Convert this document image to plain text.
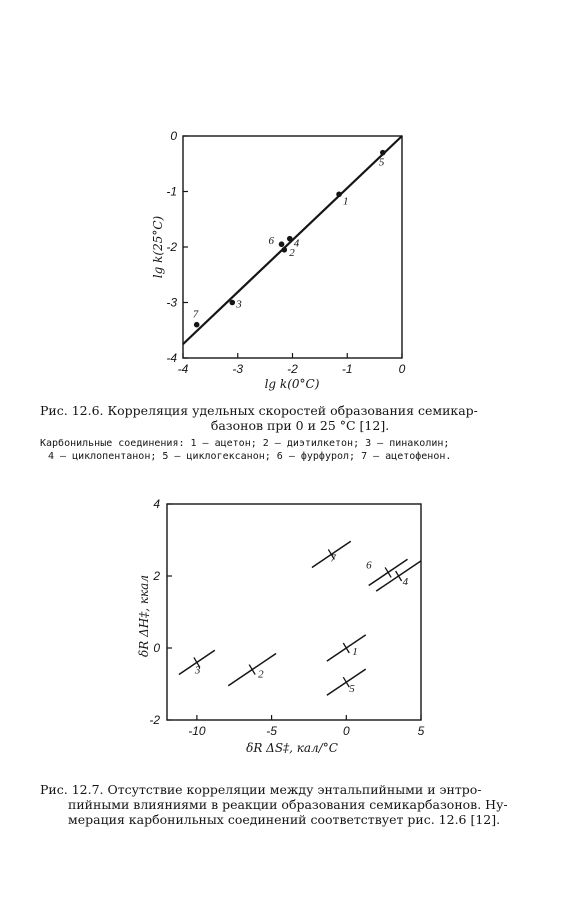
-4	-3	-2	-1	0
0
-1
-2
-3
-4
1
2
3
4
5
6
7
lg k(0°C)
lg k(25°C)
-10	-5	0	5
4
2
0
-2
1
2
3
4
5
6
7
δR ΔS‡, кал/°С
δR ΔH‡, ккал
Рис. 12.6. Корреляция удельных скоростей образования семикар-
базонов при 0 и 25 °С [12].
Карбонильные соединения: 1 — ацетон; 2 — диэтилкетон; 3 — пинаколин;
4 — циклопентанон; 5 — циклогексанон; 6 — фурфурол; 7 — ацетофенон.
Рис. 12.7. Отсутствие корреляции между энтальпийными и энтро-
пийными влияниями в реакции образования семикарбазонов. Ну-
мерация карбонильных соединений соответствует рис. 12.6 [12].
